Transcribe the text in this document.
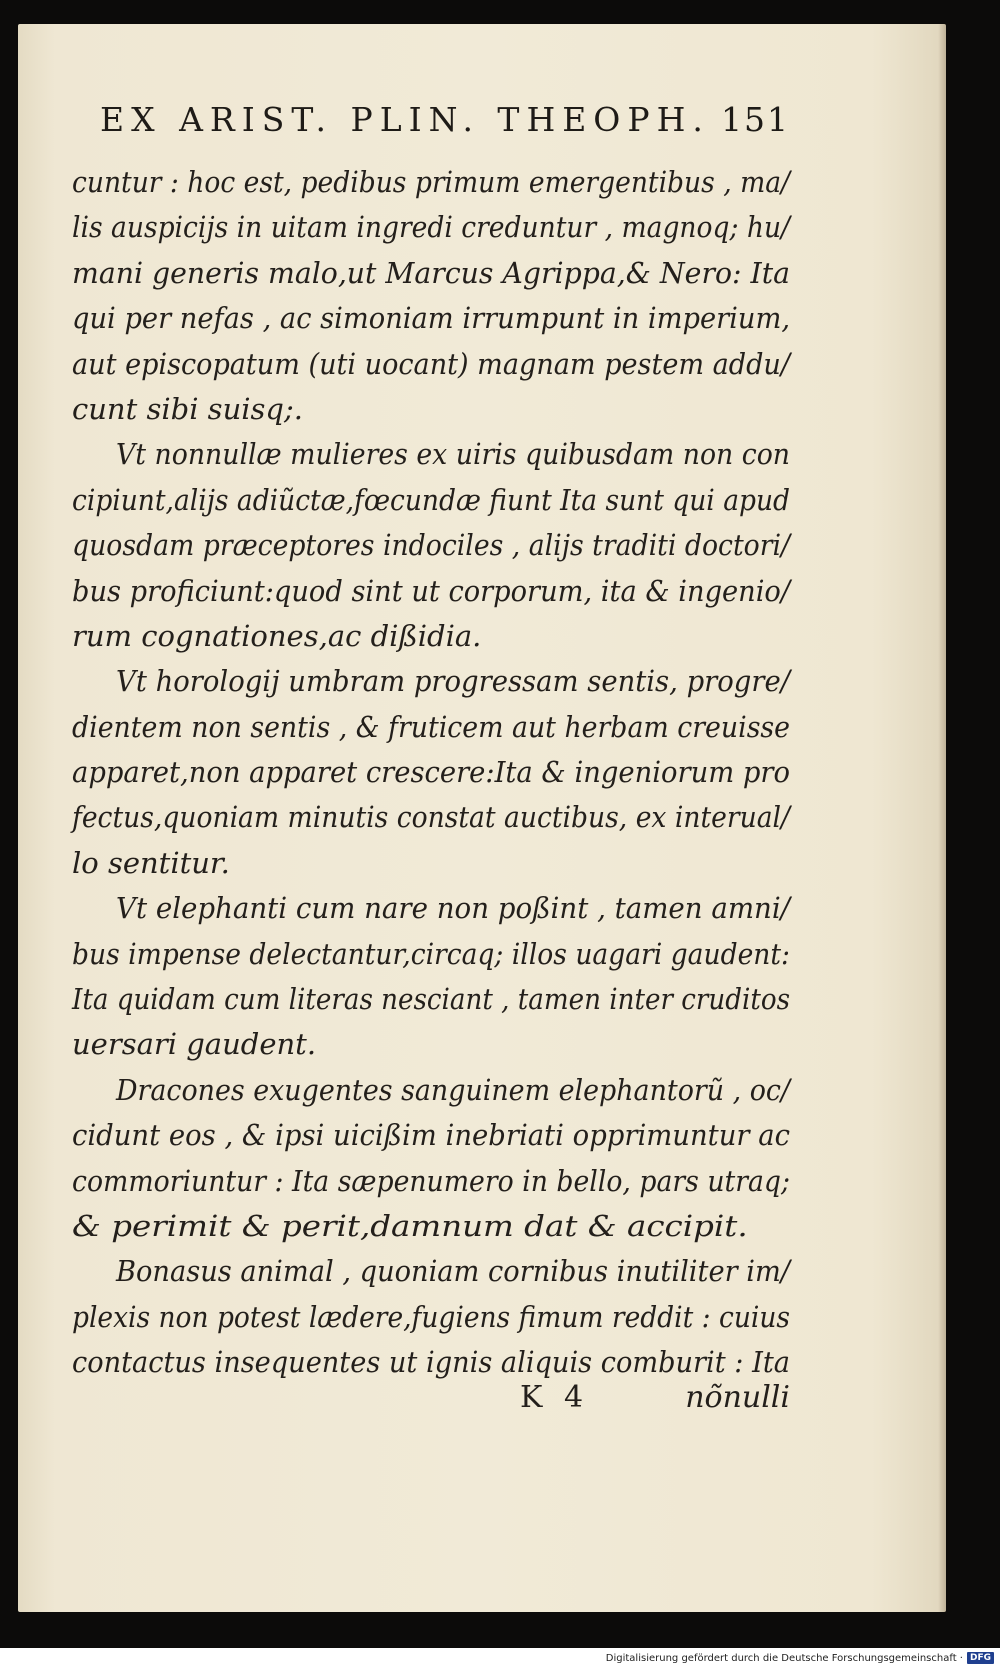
EX ARIST. PLIN. THEOPH. 151
cuntur : hoc est, pedibus primum emergentibus , ma/
lis auspicijs in uitam ingredi creduntur , magnoq; hu/
mani generis malo,ut Marcus Agrippa,& Nero: Ita
qui per nefas , ac simoniam irrumpunt in imperium,
aut episcopatum (uti uocant) magnam pestem addu/
cunt sibi suisq;.
Vt nonnullæ mulieres ex uiris quibusdam non con
cipiunt,alijs adiũctæ,fœcundæ fiunt Ita sunt qui apud
quosdam præceptores indociles , alijs traditi doctori/
bus proficiunt:quod sint ut corporum, ita & ingenio/
rum cognationes,ac dißidia.
Vt horologij umbram progressam sentis, progre/
dientem non sentis , & fruticem aut herbam creuisse
apparet,non apparet crescere:Ita & ingeniorum pro
fectus,quoniam minutis constat auctibus, ex interual/
lo sentitur.
Vt elephanti cum nare non poßint , tamen amni/
bus impense delectantur,circaq; illos uagari gaudent:
Ita quidam cum literas nesciant , tamen inter cruditos
uersari gaudent.
Dracones exugentes sanguinem elephantorũ , oc/
cidunt eos , & ipsi uicißim inebriati opprimuntur ac
commoriuntur : Ita sæpenumero in bello, pars utraq;
& perimit & perit,damnum dat & accipit.
Bonasus animal , quoniam cornibus inutiliter im/
plexis non potest lædere,fugiens fimum reddit : cuius
contactus insequentes ut ignis aliquis comburit : Ita
K 4	nõnulli
Digitalisierung gefördert durch die Deutsche Forschungsgemeinschaft · DFG
